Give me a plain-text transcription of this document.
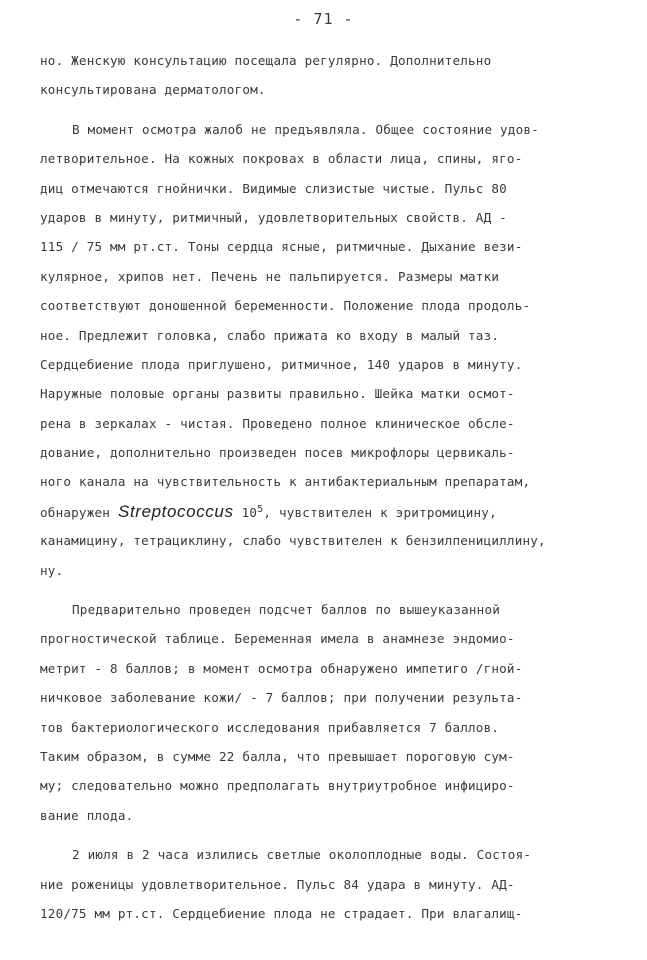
- 71 -
но. Женскую консультацию посещала регулярно. Дополнительно
консультирована дерматологом.
В момент осмотра жалоб не предъявляла. Общее состояние удов-
летворительное. На кожных покровах в области лица, спины, яго-
диц отмечаются гнойнички. Видимые слизистые чистые. Пульс 80
ударов в минуту, ритмичный, удовлетворительных свойств. АД -
115 / 75 мм рт.ст. Тоны сердца ясные, ритмичные. Дыхание вези-
кулярное, хрипов нет. Печень не пальпируется. Размеры матки
соответствуют доношенной беременности. Положение плода продоль-
ное. Предлежит головка, слабо прижата ко входу в малый таз.
Сердцебиение плода приглушено, ритмичное, 140 ударов в минуту.
Наружные половые органы развиты правильно. Шейка матки осмот-
рена в зеркалах - чистая. Проведено полное клиническое обсле-
дование, дополнительно произведен посев микрофлоры цервикаль-
ного канала на чувствительность к антибактериальным препаратам,
обнаружен Streptococcus $10^5$, чувствителен к эритромицину,
канамицину, тетрациклину, слабо чувствителен к бензилпенициллину,
ну.
Предварительно проведен подсчет баллов по вышеуказанной
прогностической таблице. Беременная имела в анамнезе эндомио-
метрит - 8 баллов; в момент осмотра обнаружено импетиго /гной-
ничковое заболевание кожи/ - 7 баллов; при получении результа-
тов бактериологического исследования прибавляется 7 баллов.
Таким образом, в сумме 22 балла, что превышает пороговую сум-
му; следовательно можно предполагать внутриутробное инфициро-
вание плода.
2 июля в 2 часа излились светлые околоплодные воды. Состоя-
ние роженицы удовлетворительное. Пульс 84 удара в минуту. АД-
120/75 мм рт.ст. Сердцебиение плода не страдает. При влагалищ-
